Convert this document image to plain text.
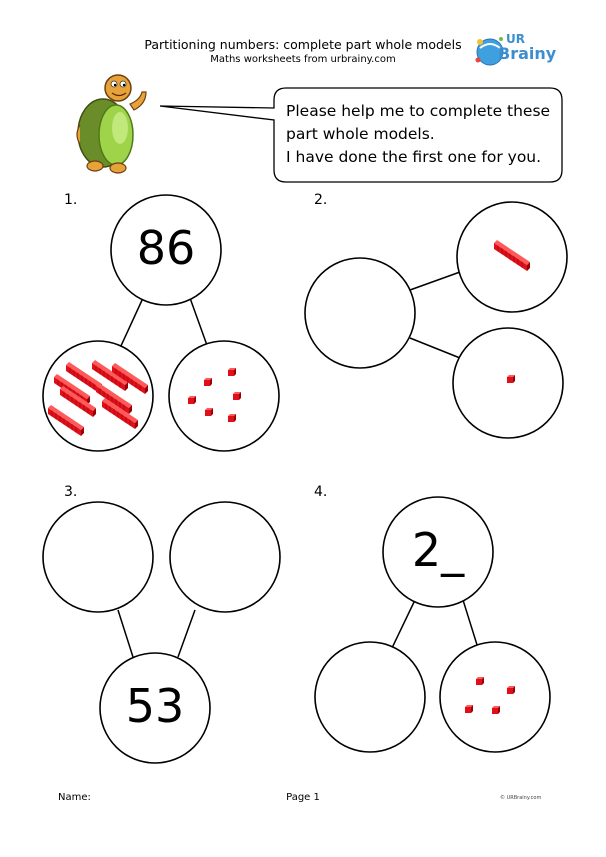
Partitioning numbers: complete part whole models
Maths worksheets from urbrainy.com
UR
Brainy
Please help me to complete these
part whole models.
I have done the first one for you.
1.	2.
3.	4.
86
53
2_
Name:	Page 1	© URBrainy.com
